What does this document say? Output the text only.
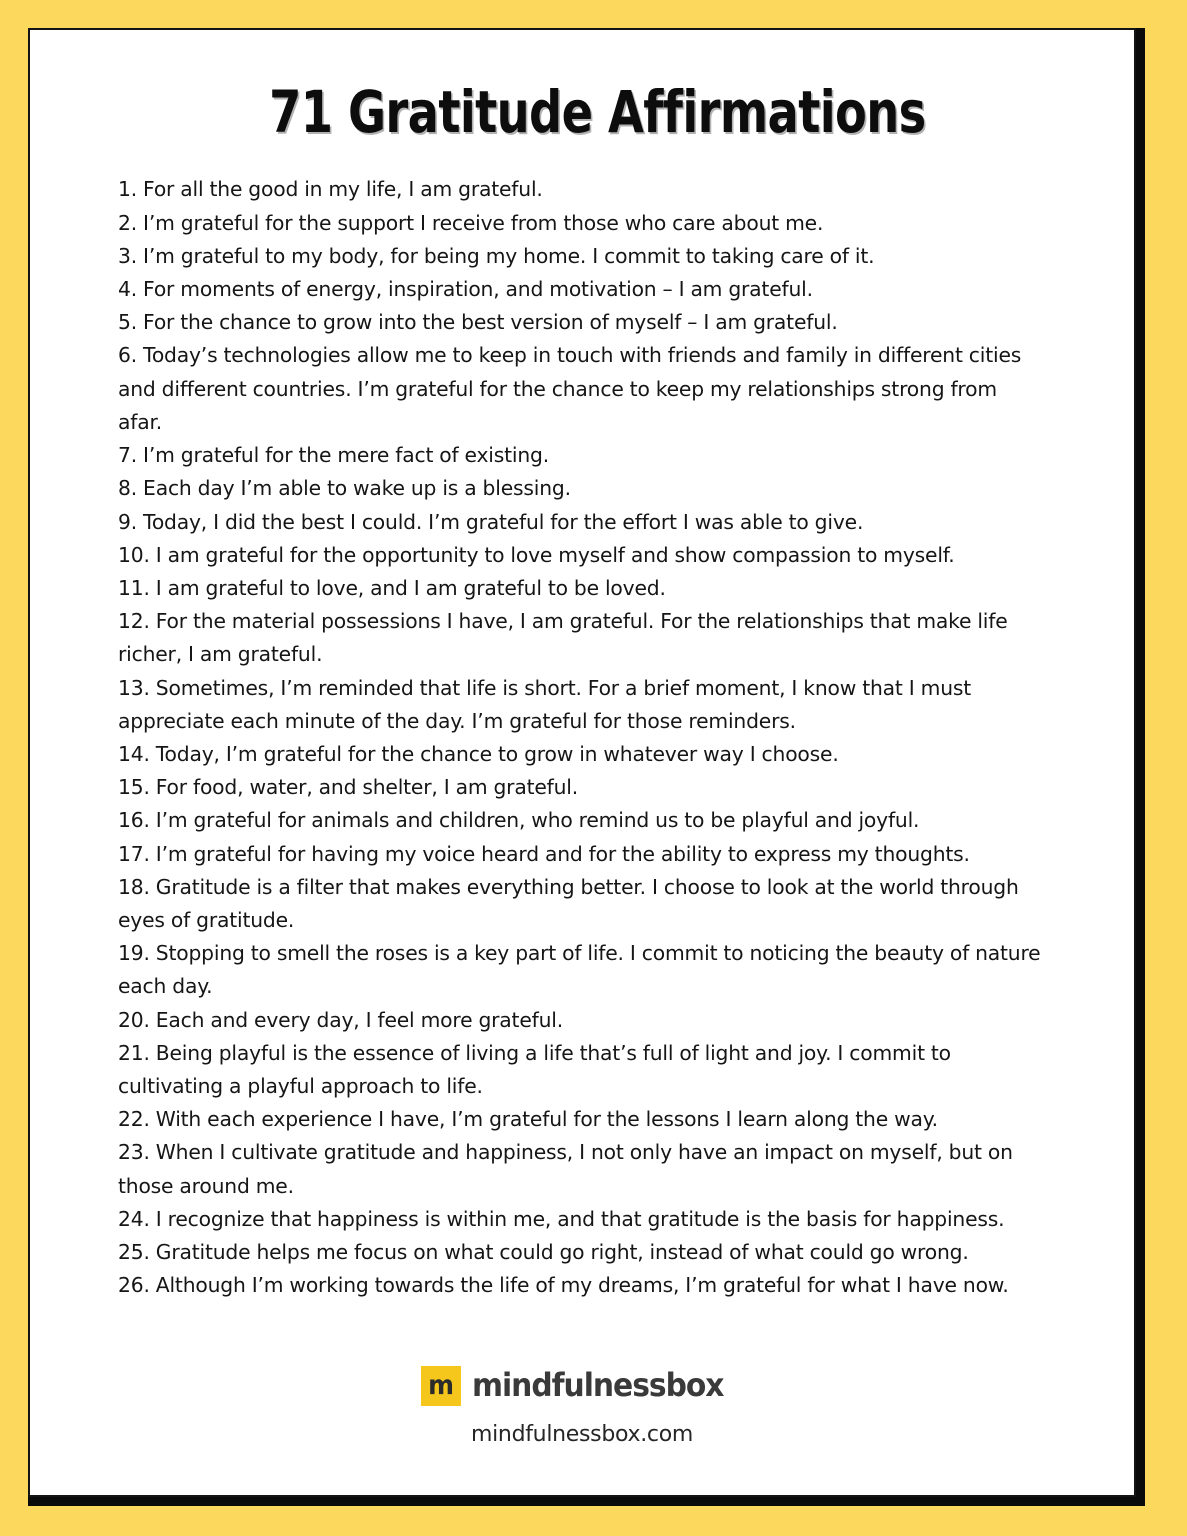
71 Gratitude Affirmations
1. For all the good in my life, I am grateful.
2. I’m grateful for the support I receive from those who care about me.
3. I’m grateful to my body, for being my home. I commit to taking care of it.
4. For moments of energy, inspiration, and motivation – I am grateful.
5. For the chance to grow into the best version of myself – I am grateful.
6. Today’s technologies allow me to keep in touch with friends and family in different cities and different countries. I’m grateful for the chance to keep my relationships strong from afar.
7. I’m grateful for the mere fact of existing.
8. Each day I’m able to wake up is a blessing.
9. Today, I did the best I could. I’m grateful for the effort I was able to give.
10. I am grateful for the opportunity to love myself and show compassion to myself.
11. I am grateful to love, and I am grateful to be loved.
12. For the material possessions I have, I am grateful. For the relationships that make life richer, I am grateful.
13. Sometimes, I’m reminded that life is short. For a brief moment, I know that I must appreciate each minute of the day. I’m grateful for those reminders.
14. Today, I’m grateful for the chance to grow in whatever way I choose.
15. For food, water, and shelter, I am grateful.
16. I’m grateful for animals and children, who remind us to be playful and joyful.
17. I’m grateful for having my voice heard and for the ability to express my thoughts.
18. Gratitude is a filter that makes everything better. I choose to look at the world through eyes of gratitude.
19. Stopping to smell the roses is a key part of life. I commit to noticing the beauty of nature each day.
20. Each and every day, I feel more grateful.
21. Being playful is the essence of living a life that’s full of light and joy. I commit to cultivating a playful approach to life.
22. With each experience I have, I’m grateful for the lessons I learn along the way.
23. When I cultivate gratitude and happiness, I not only have an impact on myself, but on those around me.
24. I recognize that happiness is within me, and that gratitude is the basis for happiness.
25. Gratitude helps me focus on what could go right, instead of what could go wrong.
26. Although I’m working towards the life of my dreams, I’m grateful for what I have now.
m mindfulnessbox
mindfulnessbox.com
